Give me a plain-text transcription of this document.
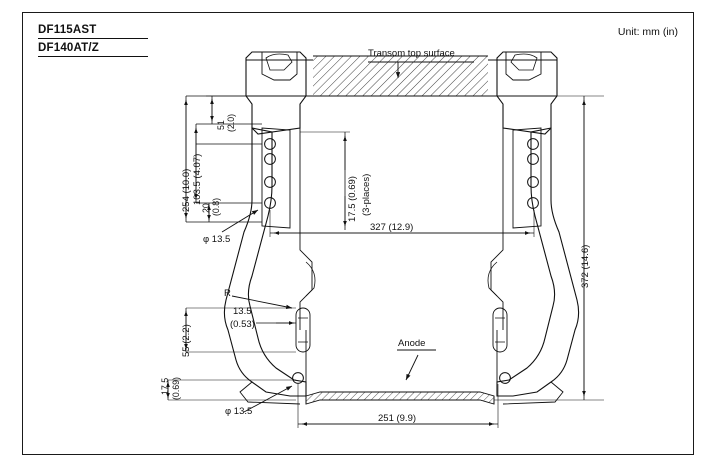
DF115AST
DF140AT/Z
Unit: mm (in)
Transom top surface
254 (10.0) 103.5 (4.07)
51 (2.0)
20 (0.8)
φ 13.5
φ 13.5
17.5 (0.69) (3-places)
327 (12.9)
372 (14.6)
R
13.5
(0.53)
55 (2.2)
17.5 (0.69)
Anode
251 (9.9)
